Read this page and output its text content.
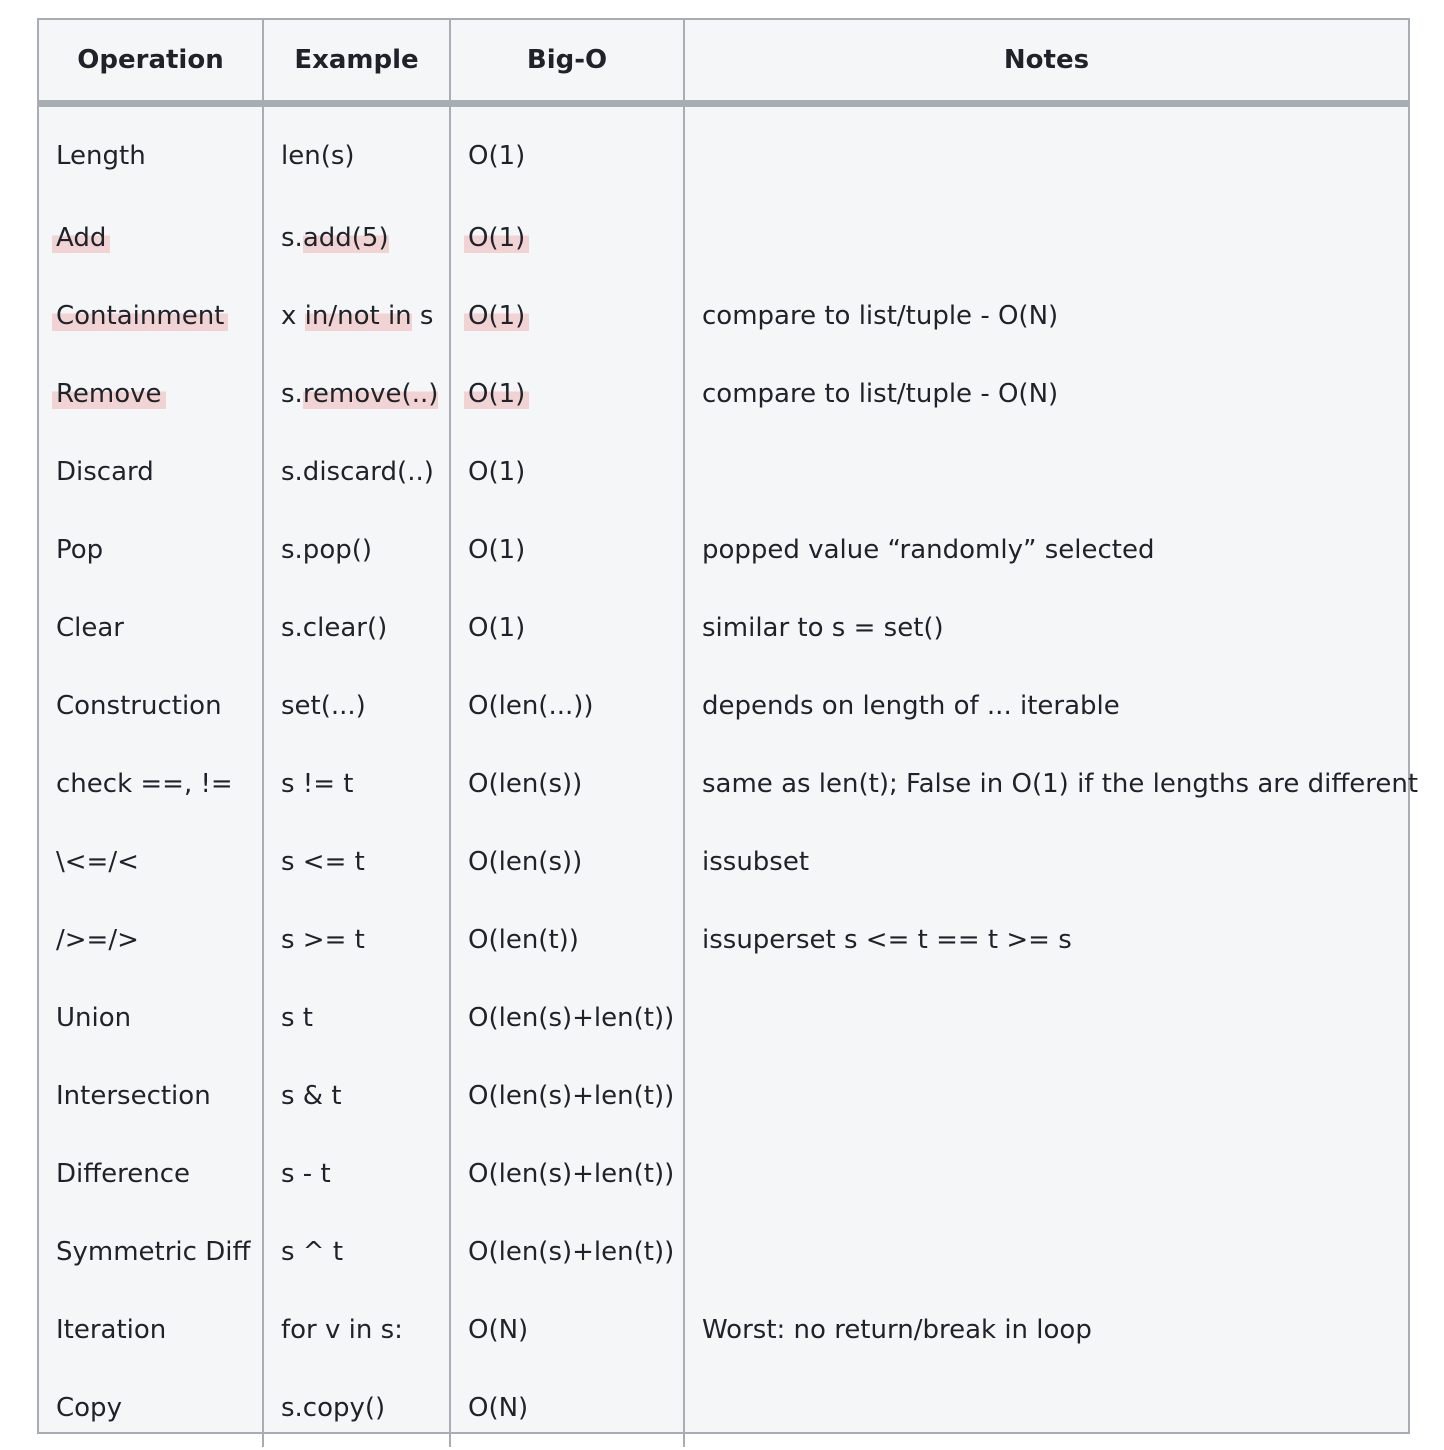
Operation	Example	Big-O	Notes
Length	len(s)	O(1)	
Add	s.add(5)	O(1)	
Containment	x in/not in s	O(1)	compare to list/tuple - O(N)
Remove	s.remove(..)	O(1)	compare to list/tuple - O(N)
Discard	s.discard(..)	O(1)	
Pop	s.pop()	O(1)	popped value “randomly” selected
Clear	s.clear()	O(1)	similar to s = set()
Construction	set(...)	O(len(...))	depends on length of ... iterable
check ==, !=	s != t	O(len(s))	same as len(t); False in O(1) if the lengths are different
\<=/<	s <= t	O(len(s))	issubset
/>=/>	s >= t	O(len(t))	issuperset s <= t == t >= s
Union	s t	O(len(s)+len(t))	
Intersection	s & t	O(len(s)+len(t))	
Difference	s - t	O(len(s)+len(t))	
Symmetric Diff	s ^ t	O(len(s)+len(t))	
Iteration	for v in s:	O(N)	Worst: no return/break in loop
Copy	s.copy()	O(N)	
